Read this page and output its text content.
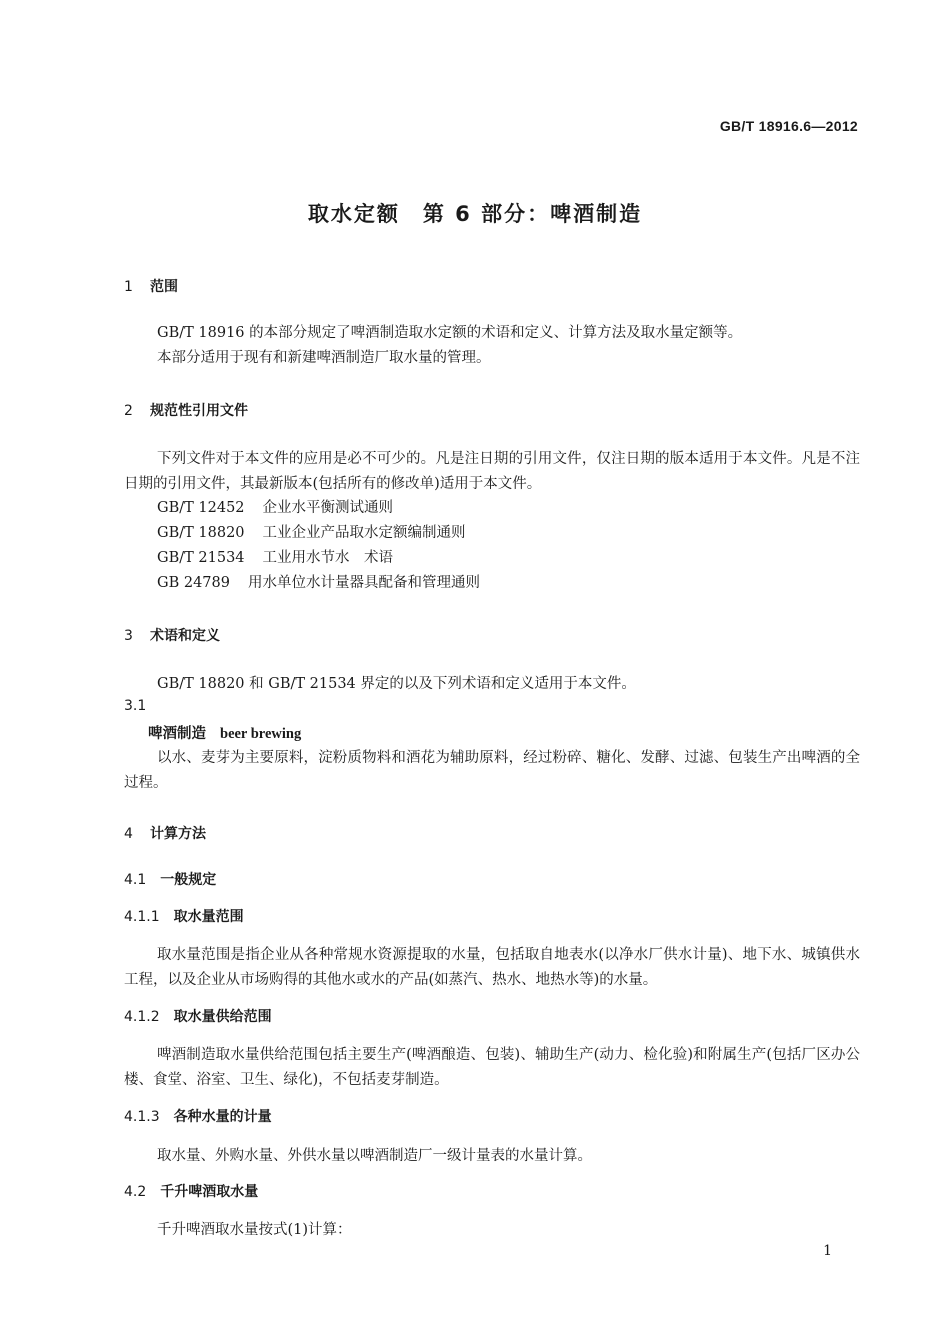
GB/T 18916.6—2012
取水定额　第 6 部分：啤酒制造
1 范围
GB/T 18916 的本部分规定了啤酒制造取水定额的术语和定义、计算方法及取水量定额等。
本部分适用于现有和新建啤酒制造厂取水量的管理。
2 规范性引用文件
下列文件对于本文件的应用是必不可少的。凡是注日期的引用文件，仅注日期的版本适用于本文件。凡是不注日期的引用文件，其最新版本(包括所有的修改单)适用于本文件。
GB/T 12452 企业水平衡测试通则
GB/T 18820 工业企业产品取水定额编制通则
GB/T 21534 工业用水节水　术语
GB 24789 用水单位水计量器具配备和管理通则
3 术语和定义
GB/T 18820 和 GB/T 21534 界定的以及下列术语和定义适用于本文件。
3.1
啤酒制造 beer brewing
以水、麦芽为主要原料，淀粉质物料和酒花为辅助原料，经过粉碎、糖化、发酵、过滤、包装生产出啤酒的全过程。
4 计算方法
4.1 一般规定
4.1.1 取水量范围
取水量范围是指企业从各种常规水资源提取的水量，包括取自地表水(以净水厂供水计量)、地下水、城镇供水工程，以及企业从市场购得的其他水或水的产品(如蒸汽、热水、地热水等)的水量。
4.1.2 取水量供给范围
啤酒制造取水量供给范围包括主要生产(啤酒酿造、包装)、辅助生产(动力、检化验)和附属生产(包括厂区办公楼、食堂、浴室、卫生、绿化)，不包括麦芽制造。
4.1.3 各种水量的计量
取水量、外购水量、外供水量以啤酒制造厂一级计量表的水量计算。
4.2 千升啤酒取水量
千升啤酒取水量按式(1)计算：
1
